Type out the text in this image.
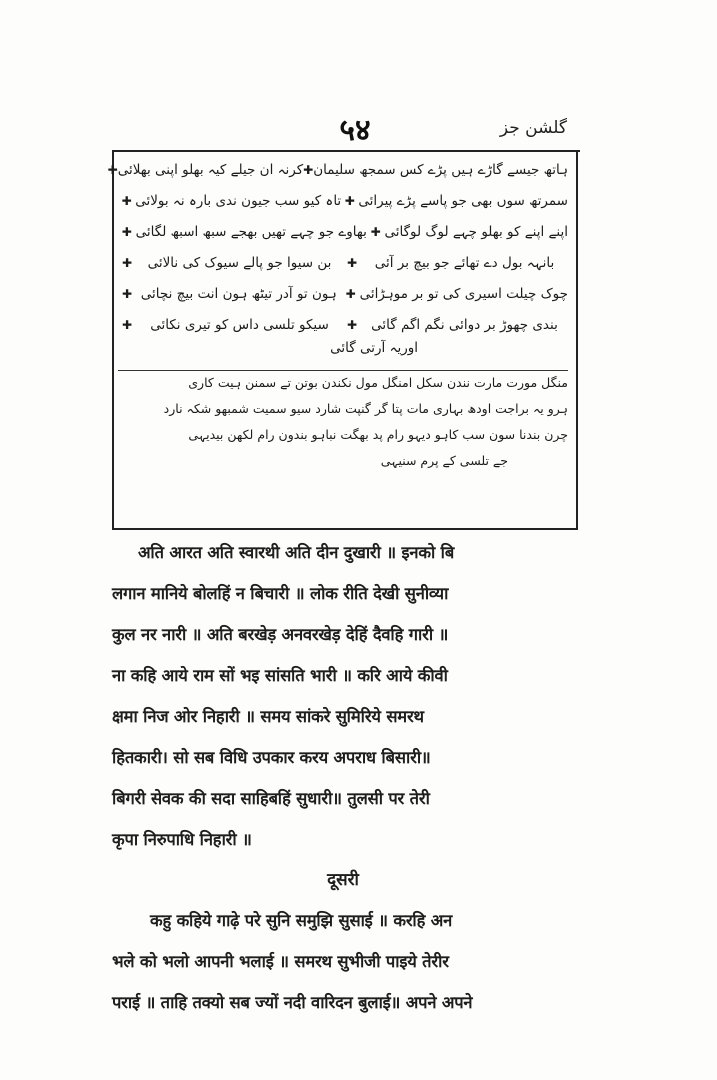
५४	گلشن جز
ہاتھ جیسے گاڑے ہیں پڑے کس سمجھ سلیمان
✚
کرنہ ان جیلے کیہ بھلو اپنی بھلائی
✚
سمرتھ سوں بھی جو پاسے پڑے پیرائی
✚
تاہ کیو سب جیون ندی بارہ نہ بولائی
✚
اپنے اپنے کو بھلو چہے لوگ لوگائی
✚
بھاوے جو چہے تھیں بھجے سبھ اسبھ لگائی
✚
بانہہ بول دے تھائے جو بیچ بر آئی
✚
بن سیوا جو پالے سیوک کی نالائی
✚
چوک چیلت اسیری کی تو بر موہڑائی
✚
ہون تو آدر تیٹھ ہون انت بیچ نچائی
✚
بندی چھوڑ بر دوائی نگم اگم گائی
✚
سیکو تلسی داس کو تیری نکائی
✚
اوریہ آرتی گائی
منگل مورت مارت نندن سکل امنگل مول نکندن بوتن تے سمنن ہیت کاری
ہرو یہ براجت اودھ بہاری مات پتا گر گنپت شارد سیو سمیت شمبھو شکہ نارد
چرن بندنا سون سب کاہو دیہو رام پد بھگت نباہو بندون رام لکھن بیدیہی
جے تلسی کے پرم سنیہی
अति आरत अति स्वारथी अति दीन दुखारी ॥ इनको बि
लगान मानिये बोलहिं न बिचारी ॥ लोक रीति देखी सुनीव्या
कुल नर नारी ॥ अति बरखेड़ अनवरखेड़ देहिं दैवहि गारी ॥
ना कहि आये राम सों भइ सांसति भारी ॥ करि आये कीवी
क्षमा निज ओर निहारी ॥ समय सांकरे सुमिरिये समरथ
हितकारी। सो सब विधि उपकार करय अपराध बिसारी॥
बिगरी सेवक की सदा साहिबहिं सुधारी॥ तुलसी पर तेरी
कृपा निरुपाधि निहारी ॥
दूसरी
कहु कहिये गाढ़े परे सुनि समुझि सुसाई ॥ करहि अन
भले को भलो आपनी भलाई ॥ समरथ सुभीजी पाइये तेरीर
पराई ॥ ताहि तक्यो सब ज्यों नदी वारिदन बुलाई॥ अपने अपने
